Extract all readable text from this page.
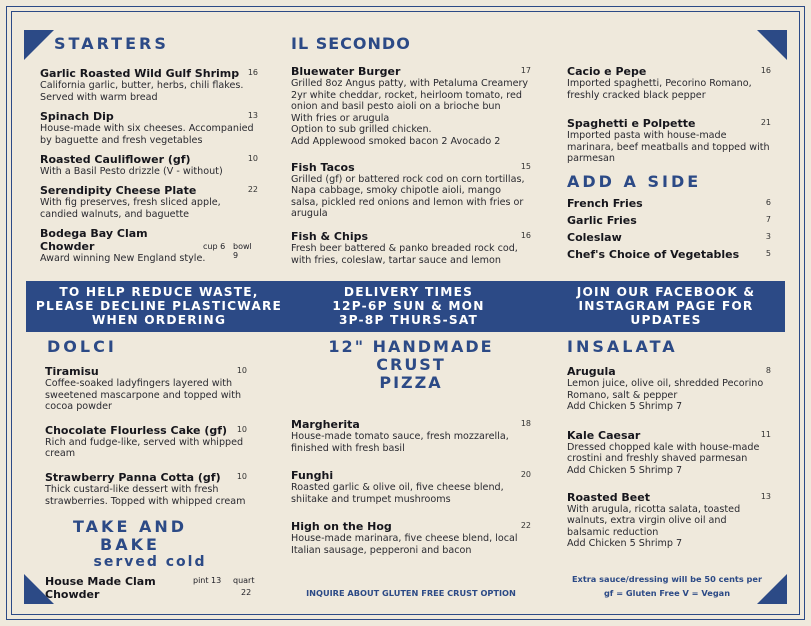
STARTERS
Garlic Roasted Wild Gulf Shrimp	16
California garlic, butter, herbs, chili flakes. Served with warm bread
Spinach Dip	13
House-made with six cheeses. Accompanied by baguette and fresh vegetables
Roasted Cauliflower (gf)	10
With a Basil Pesto drizzle (V - without)
Serendipity Cheese Plate	22
With fig preserves, fresh sliced apple, candied walnuts, and baguette
Bodega Bay Clam Chowder	cup 6 bowl 9
Award winning New England style.
IL SECONDO
Bluewater Burger	17
Grilled 8oz Angus patty, with Petaluma Creamery 2yr white cheddar, rocket, heirloom tomato, red onion and basil pesto aioli on a brioche bun
With fries or arugula
Option to sub grilled chicken.
Add Applewood smoked bacon 2 Avocado 2
Fish Tacos	15
Grilled (gf) or battered rock cod on corn tortillas, Napa cabbage, smoky chipotle aioli, mango salsa, pickled red onions and lemon with fries or arugula
Fish & Chips	16
Fresh beer battered & panko breaded rock cod, with fries, coleslaw, tartar sauce and lemon
Cacio e Pepe	16
Imported spaghetti, Pecorino Romano, freshly cracked black pepper
Spaghetti e Polpette	21
Imported pasta with house-made marinara, beef meatballs and topped with parmesan
ADD A SIDE
French Fries	6
Garlic Fries	7
Coleslaw	3
Chef's Choice of Vegetables	5
TO HELP REDUCE WASTE,
PLEASE DECLINE PLASTICWARE
WHEN ORDERING
DELIVERY TIMES
12P-6P SUN & MON
3P-8P THURS-SAT
JOIN OUR FACEBOOK &
INSTAGRAM PAGE FOR
UPDATES
DOLCI
Tiramisu	10
Coffee-soaked ladyfingers layered with sweetened mascarpone and topped with cocoa powder
Chocolate Flourless Cake (gf)	10
Rich and fudge-like, served with whipped cream
Strawberry Panna Cotta (gf)	10
Thick custard-like dessert with fresh strawberries. Topped with whipped cream
TAKE AND BAKE
served cold
House Made Clam Chowder
pint 13 quart
22
12" HANDMADE CRUST
PIZZA
Margherita	18
House-made tomato sauce, fresh mozzarella, finished with fresh basil
Funghi	20
Roasted garlic & olive oil, five cheese blend, shiitake and trumpet mushrooms
High on the Hog	22
House-made marinara, five cheese blend, local Italian sausage, pepperoni and bacon
INQUIRE ABOUT GLUTEN FREE CRUST OPTION
INSALATA
Arugula	8
Lemon juice, olive oil, shredded Pecorino Romano, salt & pepper
Add Chicken 5 Shrimp 7
Kale Caesar	11
Dressed chopped kale with house-made crostini and freshly shaved parmesan
Add Chicken 5 Shrimp 7
Roasted Beet	13
With arugula, ricotta salata, toasted walnuts, extra virgin olive oil and balsamic reduction
Add Chicken 5 Shrimp 7
Extra sauce/dressing will be 50 cents per
gf = Gluten Free V = Vegan
